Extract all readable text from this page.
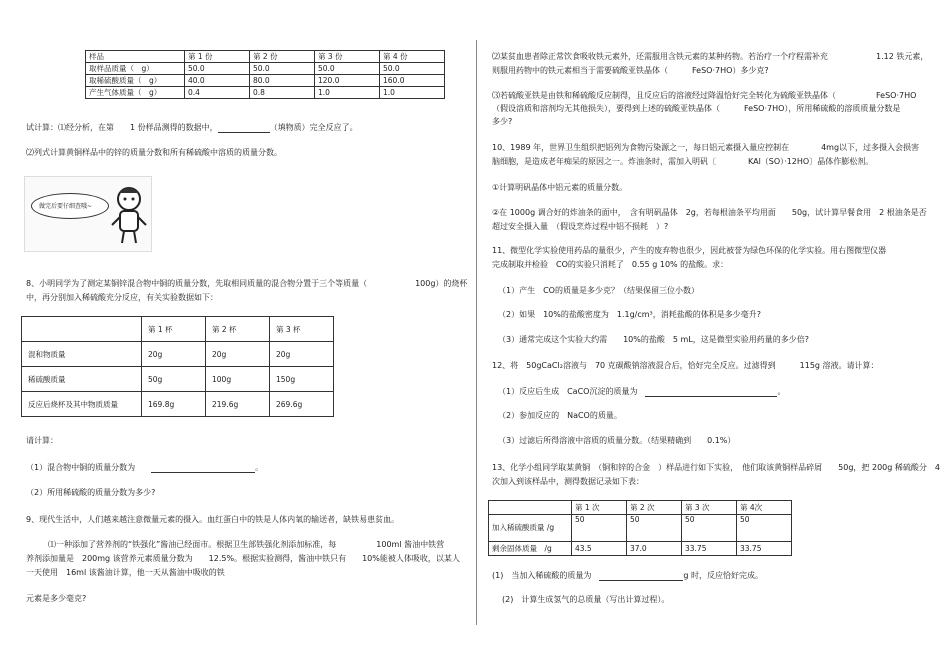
样品	第 1 份	第 2 份	第 3 份	第 4 份
取样品质量（　g）	50.0	50.0	50.0	50.0
取稀硫酸质量（　g）	40.0	80.0	120.0	160.0
产生气体质量（　g）	0.4	0.8	1.0	1.0
试计算：⑴经分析，在第　　1 份样品测得的数据中，	（填物质）完全反应了。
⑵列式计算黄铜样品中的锌的质量分数和所有稀硫酸中溶质的质量分数。
做完后要仔细查哦~
8、小明同学为了测定某铜锌混合物中铜的质量分数，先取相同质量的混合物分置于三个等质量（　　　　　　100g）的烧杯
中，再分别加入稀硫酸充分反应，有关实验数据如下：
	第 1 杯	第 2 杯	第 3 杯
混和物质量	20g	20g	20g
稀硫酸质量	50g	100g	150g
反应后烧杯及其中物质质量	169.8g	219.6g	269.6g
请计算：
（1）混合物中铜的质量分数为　　	。
（2）所用稀硫酸的质量分数为多少?
9、现代生活中，人们越来越注意微量元素的摄入。血红蛋白中的铁是人体内氧的输送者，缺铁易患贫血。
⑴一种添加了营养剂的“铁强化”酱油已经面市。根据卫生部铁强化剂添加标准，每　　　　　100ml 酱油中铁营
养剂添加量是　200mg 该营养元素质量分数为　　12.5%。根据实验测得，酱油中铁只有　　10%能被人体吸收，以某人
一天使用　16ml 该酱油计算，他一天从酱油中吸收的铁
元素是多少毫克?
⑵某贫血患者除正常饮食吸收铁元素外，还需服用含铁元素的某种药物。若治疗一个疗程需补充　　　　　　1.12 铁元素，
则服用药物中的铁元素相当于需要硫酸亚铁晶体（　　　FeSO·7HO）多少克?
⑶若硫酸亚铁是由铁和稀硫酸反应制得，且反应后的溶液经过降温恰好完全转化为硫酸亚铁晶体（　　　　　FeSO·7HO
（假设溶质和溶剂均无其他损失），要得到上述的硫酸亚铁晶体（　　　FeSO·7HO），所用稀硫酸的溶质质量分数是
多少?
10、1989 年，世界卫生组织把铝列为食物污染源之一，每日铝元素摄入量应控制在　　　　4mg以下，过多摄入会损害
脑细胞，是造成老年痴呆的原因之一。炸油条时，需加入明矾〔　　　　KAl（SO）·12HO〕晶体作膨松剂。
①计算明矾晶体中铝元素的质量分数。
②在 1000g 调合好的炸油条的面中，　含有明矾晶体　2g，若每根油条平均用面　　50g，试计算早餐食用　2 根油条是否
超过安全摄入量　（假设烹炸过程中铝不损耗　）?
11、微型化学实验使用药品的量很少，产生的废弃物也很少，因此被誉为绿色环保的化学实验。用右图微型仪器
完成制取并检验　CO的实验只消耗了　0.55 g 10% 的盐酸。求：
（1）产生　CO的质量是多少克？（结果保留三位小数）
（2）如果　10%的盐酸密度为　1.1g/cm³，消耗盐酸的体积是多少毫升?
（3）通常完成这个实验大约需　　10%的盐酸　5 mL，这是微型实验用药量的多少倍?
12、将　50gCaCl₂溶液与　70 克碳酸钠溶液混合后，恰好完全反应。过滤得到　　　115g 溶液。请计算：
（1）反应后生成　CaCO沉淀的质量为　	。
（2）参加反应的　NaCO的质量。
（3）过滤后所得溶液中溶质的质量分数。（结果精确到　　0.1%）
13、化学小组同学取某黄铜　（铜和锌的合金　）样品进行如下实验，　他们取该黄铜样品碎屑　　50g，把 200g 稀硫酸分　4
次加入到该样品中，测得数据记录如下表：
	第 1 次	第 2 次	第 3 次	第 4次
加入稀硫酸质量 /g	50	50	50	50
剩余固体质量　/g	43.5	37.0	33.75	33.75
(1)　当加入稀硫酸的质量为　	g 时，反应恰好完成。
(2)　计算生成氢气的总质量（写出计算过程）。
